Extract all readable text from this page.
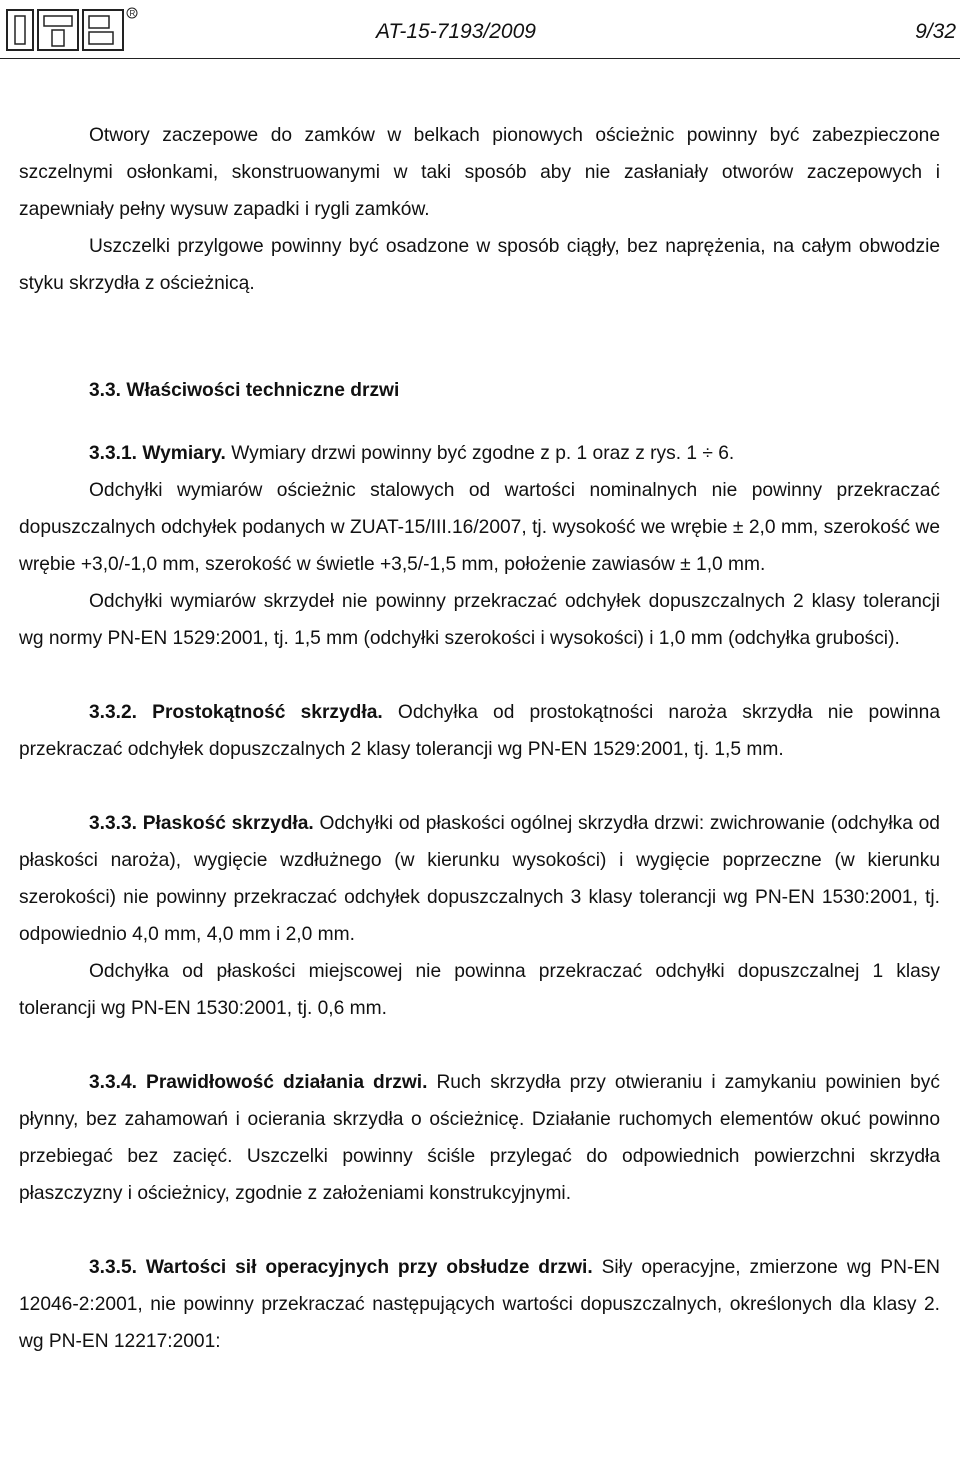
R
AT-15-7193/2009	9/32

Otwory zaczepowe do zamków w belkach pionowych ościeżnic powinny być zabezpieczone szczelnymi osłonkami, skonstruowanymi w taki sposób aby nie zasłaniały otworów zaczepowych i zapewniały pełny wysuw zapadki i rygli zamków.

Uszczelki przylgowe powinny być osadzone w sposób ciągły, bez naprężenia, na całym obwodzie styku skrzydła z ościeżnicą.

3.3. Właściwości techniczne drzwi

3.3.1. Wymiary. Wymiary drzwi powinny być zgodne z p. 1 oraz z rys. 1 ÷ 6.

Odchyłki wymiarów ościeżnic stalowych od wartości nominalnych nie powinny przekraczać dopuszczalnych odchyłek podanych w ZUAT-15/III.16/2007, tj. wysokość we wrębie ± 2,0 mm, szerokość we wrębie +3,0/-1,0 mm, szerokość w świetle +3,5/-1,5 mm, położenie zawiasów ± 1,0 mm.

Odchyłki wymiarów skrzydeł nie powinny przekraczać odchyłek dopuszczalnych 2 klasy tolerancji wg normy PN-EN 1529:2001, tj. 1,5 mm (odchyłki szerokości i wysokości) i 1,0 mm (odchyłka grubości).

3.3.2. Prostokątność skrzydła. Odchyłka od prostokątności naroża skrzydła nie powinna przekraczać odchyłek dopuszczalnych 2 klasy tolerancji wg PN-EN 1529:2001, tj. 1,5 mm.

3.3.3. Płaskość skrzydła. Odchyłki od płaskości ogólnej skrzydła drzwi: zwichrowanie (odchyłka od płaskości naroża), wygięcie wzdłużnego (w kierunku wysokości) i wygięcie poprzeczne (w kierunku szerokości) nie powinny przekraczać odchyłek dopuszczalnych 3 klasy tolerancji wg PN-EN 1530:2001, tj. odpowiednio 4,0 mm, 4,0 mm i 2,0 mm.

Odchyłka od płaskości miejscowej nie powinna przekraczać odchyłki dopuszczalnej 1 klasy tolerancji wg PN-EN 1530:2001, tj. 0,6 mm.

3.3.4. Prawidłowość działania drzwi. Ruch skrzydła przy otwieraniu i zamykaniu powinien być płynny, bez zahamowań i ocierania skrzydła o ościeżnicę. Działanie ruchomych elementów okuć powinno przebiegać bez zacięć. Uszczelki powinny ściśle przylegać do odpowiednich powierzchni skrzydła płaszczyzny i ościeżnicy, zgodnie z założeniami konstrukcyjnymi.

3.3.5. Wartości sił operacyjnych przy obsłudze drzwi. Siły operacyjne, zmierzone wg PN-EN 12046-2:2001, nie powinny przekraczać następujących wartości dopuszczalnych, określonych dla klasy 2. wg PN-EN 12217:2001:
